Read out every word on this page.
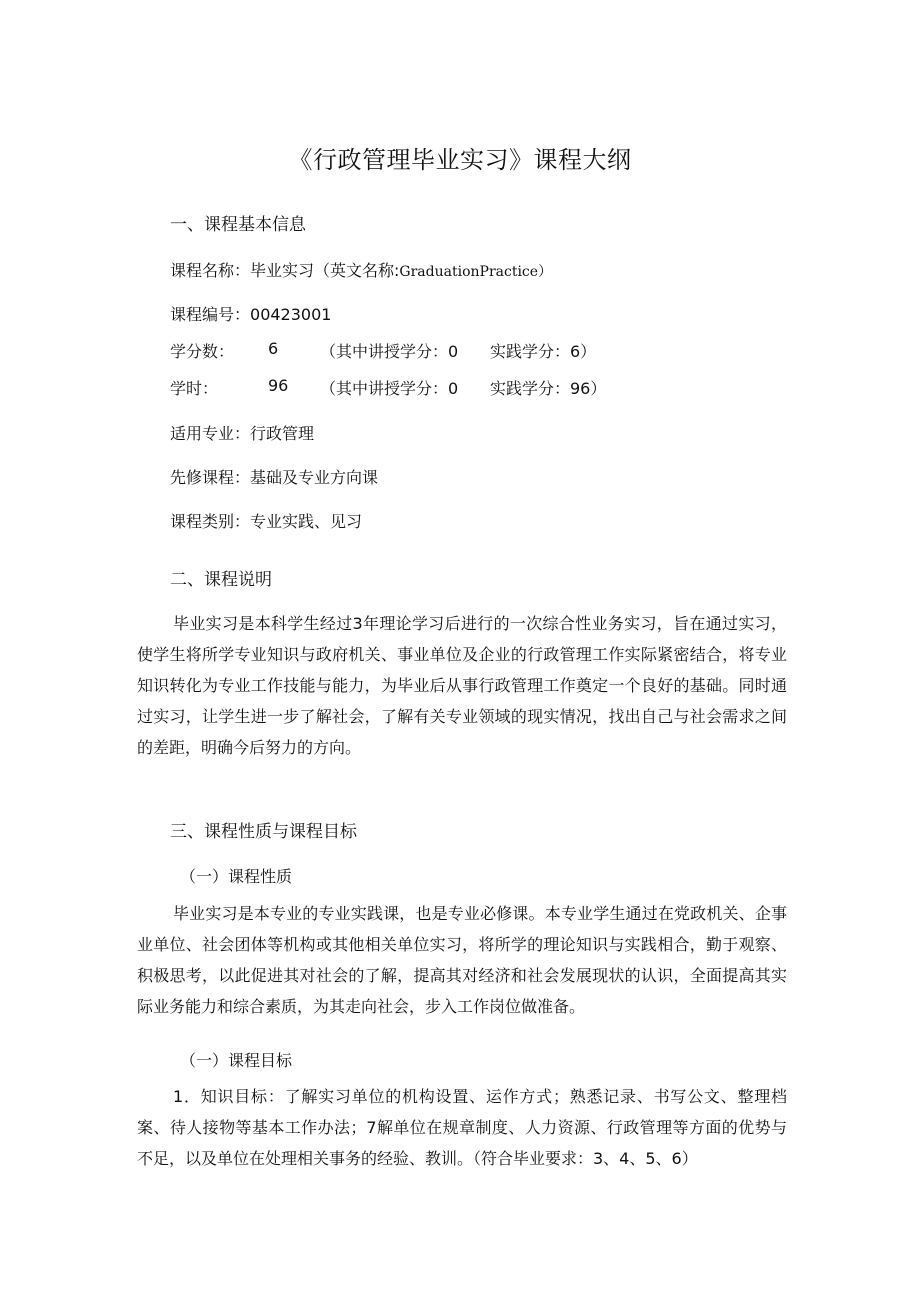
《行政管理毕业实习》课程大纲
一、课程基本信息
课程名称：毕业实习（英文名称:GraduationPractice）
课程编号：00423001
学分数： 6	（其中讲授学分：0 实践学分：6）
学时：	96 （其中讲授学分：0 实践学分：96）
适用专业：行政管理
先修课程：基础及专业方向课
课程类别：专业实践、见习
二、课程说明
毕业实习是本科学生经过3年理论学习后进行的一次综合性业务实习，旨在通过实习，使学生将所学专业知识与政府机关、事业单位及企业的行政管理工作实际紧密结合，将专业知识转化为专业工作技能与能力，为毕业后从事行政管理工作奠定一个良好的基础。同时通过实习，让学生进一步了解社会，了解有关专业领域的现实情况，找出自己与社会需求之间的差距，明确今后努力的方向。
三、课程性质与课程目标
（一）课程性质
毕业实习是本专业的专业实践课，也是专业必修课。本专业学生通过在党政机关、企事业单位、社会团体等机构或其他相关单位实习，将所学的理论知识与实践相合，勤于观察、积极思考，以此促进其对社会的了解，提高其对经济和社会发展现状的认识，全面提高其实际业务能力和综合素质，为其走向社会，步入工作岗位做准备。
（一）课程目标
1．知识目标：了解实习单位的机构设置、运作方式；熟悉记录、书写公文、整理档案、待人接物等基本工作办法；7解单位在规章制度、人力资源、行政管理等方面的优势与不足，以及单位在处理相关事务的经验、教训。（符合毕业要求：3、4、5、6）
